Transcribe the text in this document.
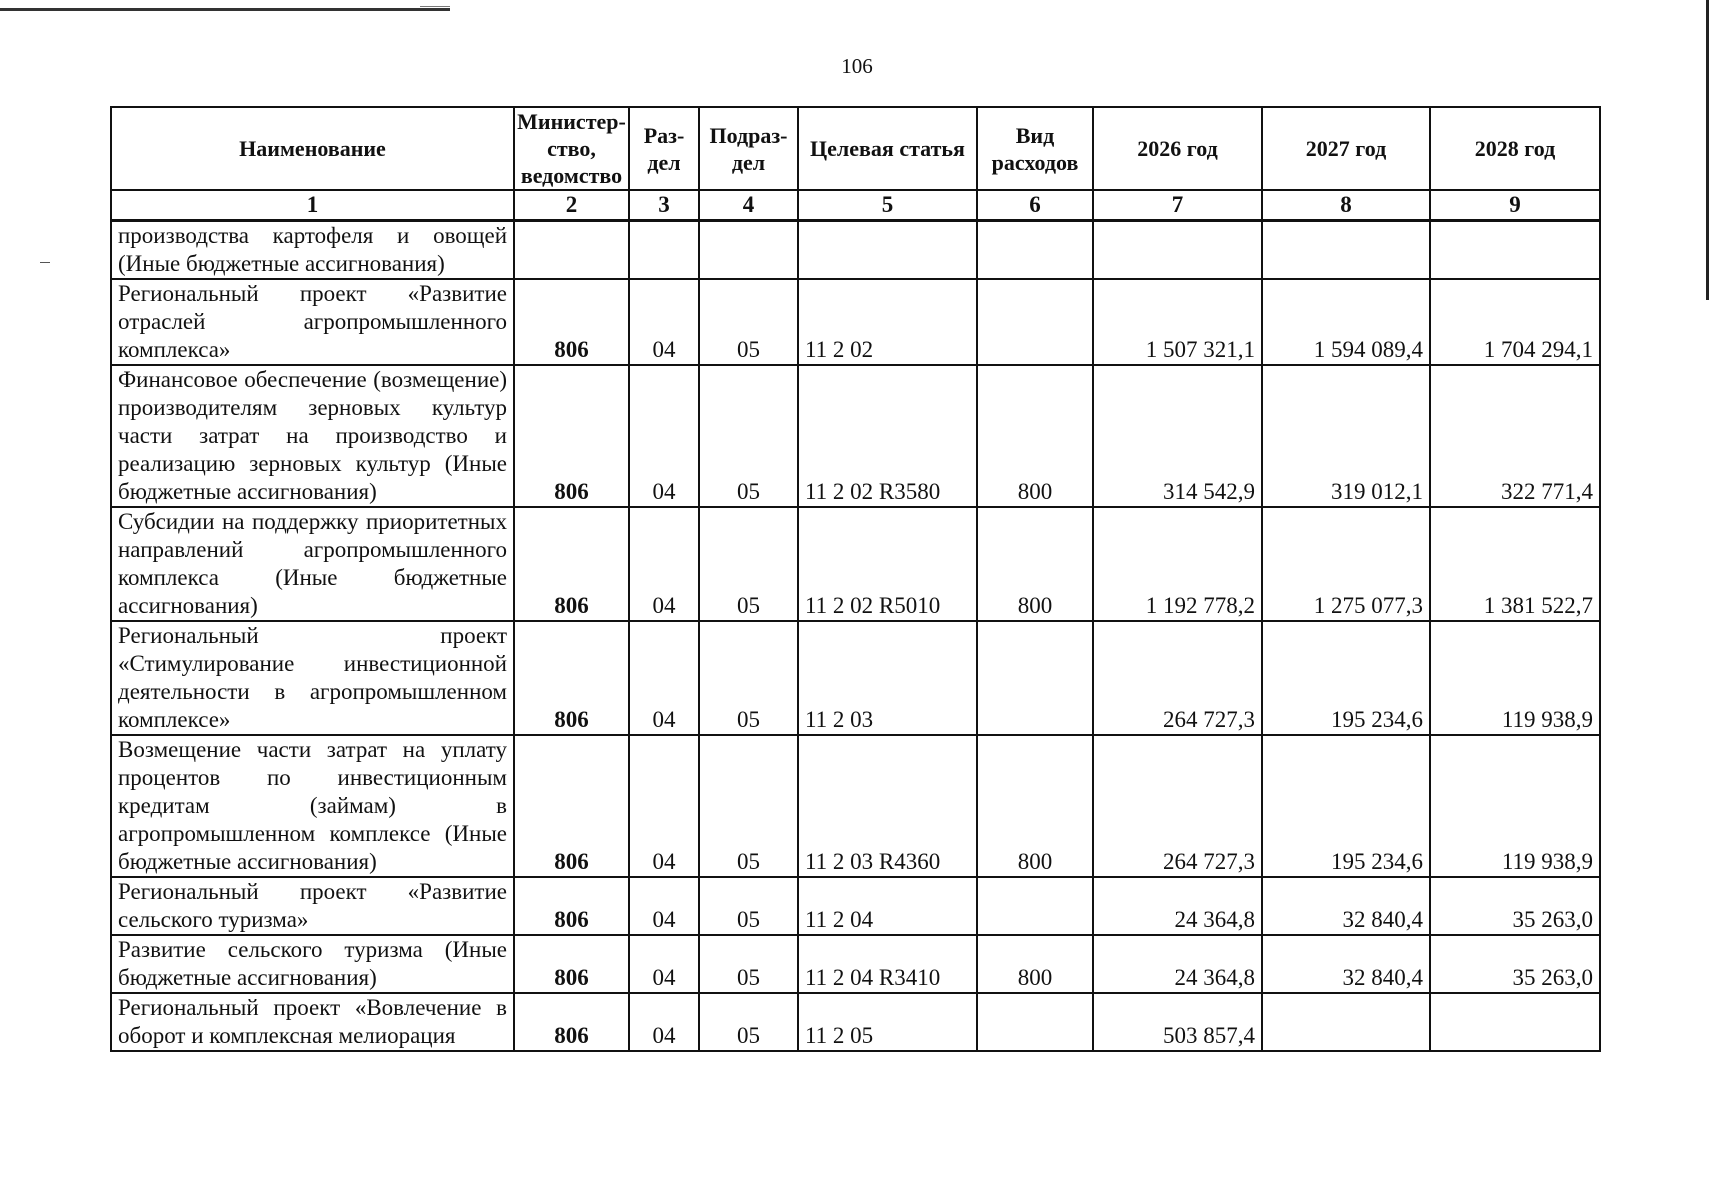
106
Наименование	Министер-ство, ведомство	Раз-дел	Подраз-дел	Целевая статья	Вид расходов	2026 год	2027 год	2028 год
1	2	3	4	5	6	7	8	9
производства картофеля и овощей (Иные бюджетные ассигнования)								
Региональный проект «Развитие отраслей агропромышленного комплекса»	806	04	05	11 2 02		1 507 321,1	1 594 089,4	1 704 294,1
Финансовое обеспечение (возмещение) производителям зерновых культур части затрат на производство и реализацию зерновых культур (Иные бюджетные ассигнования)	806	04	05	11 2 02 R3580	800	314 542,9	319 012,1	322 771,4
Субсидии на поддержку приоритетных направлений агропромышленного комплекса (Иные бюджетные ассигнования)	806	04	05	11 2 02 R5010	800	1 192 778,2	1 275 077,3	1 381 522,7
Региональный проект «Стимулирование инвестиционной деятельности в агропромышленном комплексе»	806	04	05	11 2 03		264 727,3	195 234,6	119 938,9
Возмещение части затрат на уплату процентов по инвестиционным кредитам (займам) в агропромышленном комплексе (Иные бюджетные ассигнования)	806	04	05	11 2 03 R4360	800	264 727,3	195 234,6	119 938,9
Региональный проект «Развитие сельского туризма»	806	04	05	11 2 04		24 364,8	32 840,4	35 263,0
Развитие сельского туризма (Иные бюджетные ассигнования)	806	04	05	11 2 04 R3410	800	24 364,8	32 840,4	35 263,0
Региональный проект «Вовлечение в оборот и комплексная мелиорация	806	04	05	11 2 05		503 857,4		
